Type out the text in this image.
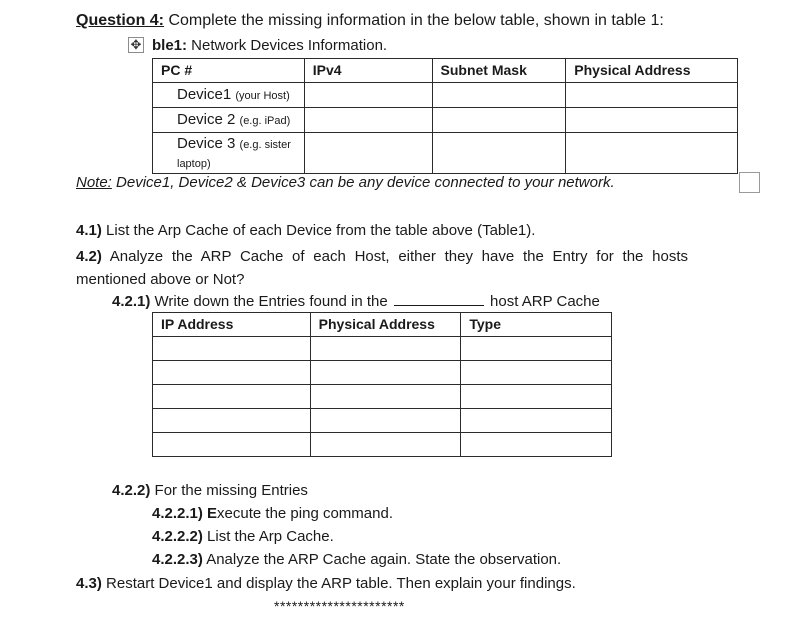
Question 4: Complete the missing information in the below table, shown in table 1:
✥ ble1: Network Devices Information.
PC #	IPv4	Subnet Mask	Physical Address
Device1 (your Host)			
Device 2 (e.g. iPad)			
Device 3 (e.g. sister laptop)			
Note: Device1, Device2 & Device3 can be any device connected to your network.
4.1) List the Arp Cache of each Device from the table above (Table1).
4.2) Analyze the ARP Cache of each Host, either they have the Entry for the hosts mentioned above or Not?
4.2.1) Write down the Entries found in the	host ARP Cache
IP Address	Physical Address	Type

4.2.2) For the missing Entries
4.2.2.1) Execute the ping command.
4.2.2.2) List the Arp Cache.
4.2.2.3) Analyze the ARP Cache again. State the observation.
4.3) Restart Device1 and display the ARP table. Then explain your findings.
**********************
